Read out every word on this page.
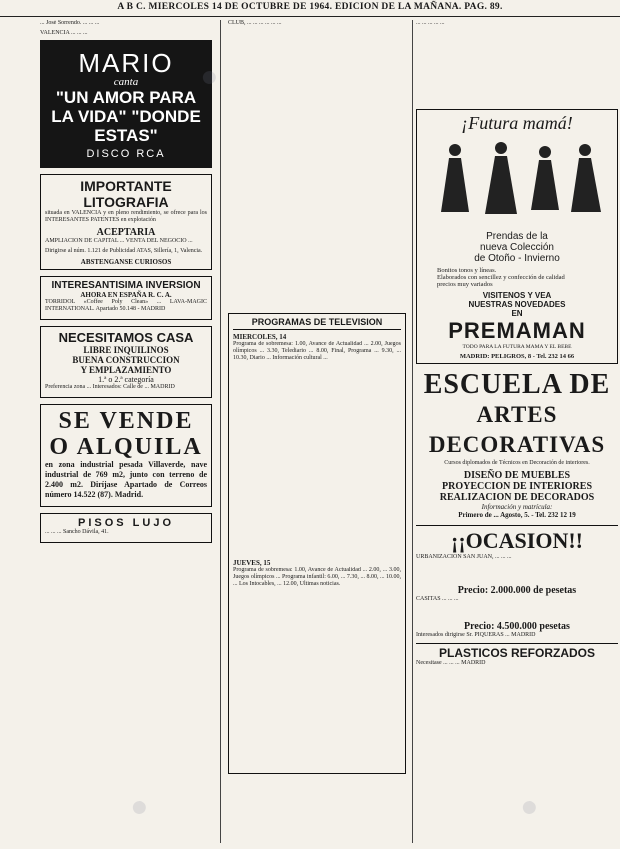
A B C. MIERCOLES 14 DE OCTUBRE DE 1964. EDICION DE LA MAÑANA. PAG. 89.

... José Sorrendo. ... ... ...

VALENCIA ... ... ...

MARIO
canta
"UN AMOR PARA LA VIDA" "DONDE ESTAS"
DISCO RCA
IMPORTANTE LITOGRAFIA

situada en VALENCIA y en pleno rendimiento, se ofrece para los INTERESANTES PATENTES en explotación

ACEPTARIA

AMPLIACION DE CAPITAL ... VENTA DEL NEGOCIO ...

Dirigirse al núm. 1.121 de Publicidad ATAS, Sillería, 1, Valencia.

ABSTENGANSE CURIOSOS
INTERESANTISIMA INVERSION
AHORA EN ESPAÑA R. C. A.

TORRIDOL «Coffee Poly Clean» ... LAVA-MAGIC INTERNATIONAL. Apartado 50.148 - MADRID

NECESITAMOS CASA
LIBRE INQUILINOS
BUENA CONSTRUCCION
Y EMPLAZAMIENTO
1.ª o 2.ª categoría

Preferencia zona ... Interesados: Calle de ... MADRID

SE VENDE
O ALQUILA

en zona industrial pesada Villaverde, nave industrial de 769 m2, junto con terreno de 2.400 m2. Diríjase Apartado de Correos número 14.522 (87). Madrid.

PISOS LUJO

... ... ... Sancho Dávila, 41.

CLUB, ... ... ... ... ... ...

PROGRAMAS DE TELEVISION
MIERCOLES, 14

Programa de sobremesa: 1.00, Avance de Actualidad ... 2.00, Juegos olímpicos ... 3.30, Telediario ... 8.00, Final, Programa ... 9.30, ... 10.30, Diario ... Información cultural ...

JUEVES, 15

Programa de sobremesa: 1.00, Avance de Actualidad ... 2.00, ... 3.00, Juegos olímpicos ... Programa infantil: 6.00, ... 7.30, ... 8.00, ... 10.00, ... Los Intocables, ... 12.00, Ultimas noticias.

... ... ... ... ...

¡Futura mamá!
Prendas de la
nueva Colección
de Otoño - Invierno
Bonitos tonos y líneas.
Elaborados con sencillez y confección de calidad
precios muy variados
VISITENOS Y VEA
NUESTRAS NOVEDADES
EN
PREMAMAN
TODO PARA LA FUTURA MAMA Y EL BEBE
MADRID: PELIGROS, 8 - Tel. 232 14 66
ESCUELA DE
ARTES DECORATIVAS

Cursos diplomados de Técnicos en Decoración de interiores.

DISEÑO DE MUEBLES
PROYECCION DE INTERIORES
REALIZACION DE DECORADOS
Información y matrícula:
Primero de ... Agosto, 5. - Tel. 232 12 19
¡¡OCASION!!

URBANIZACION SAN JUAN, ... ... ...

Precio: 2.000.000 de pesetas

CASITAS ... ... ...

Precio: 4.500.000 pesetas

Interesados dirigirse Sr. PIQUERAS ... MADRID

PLASTICOS REFORZADOS

Necesitase ... ... ... MADRID

●
●	●
